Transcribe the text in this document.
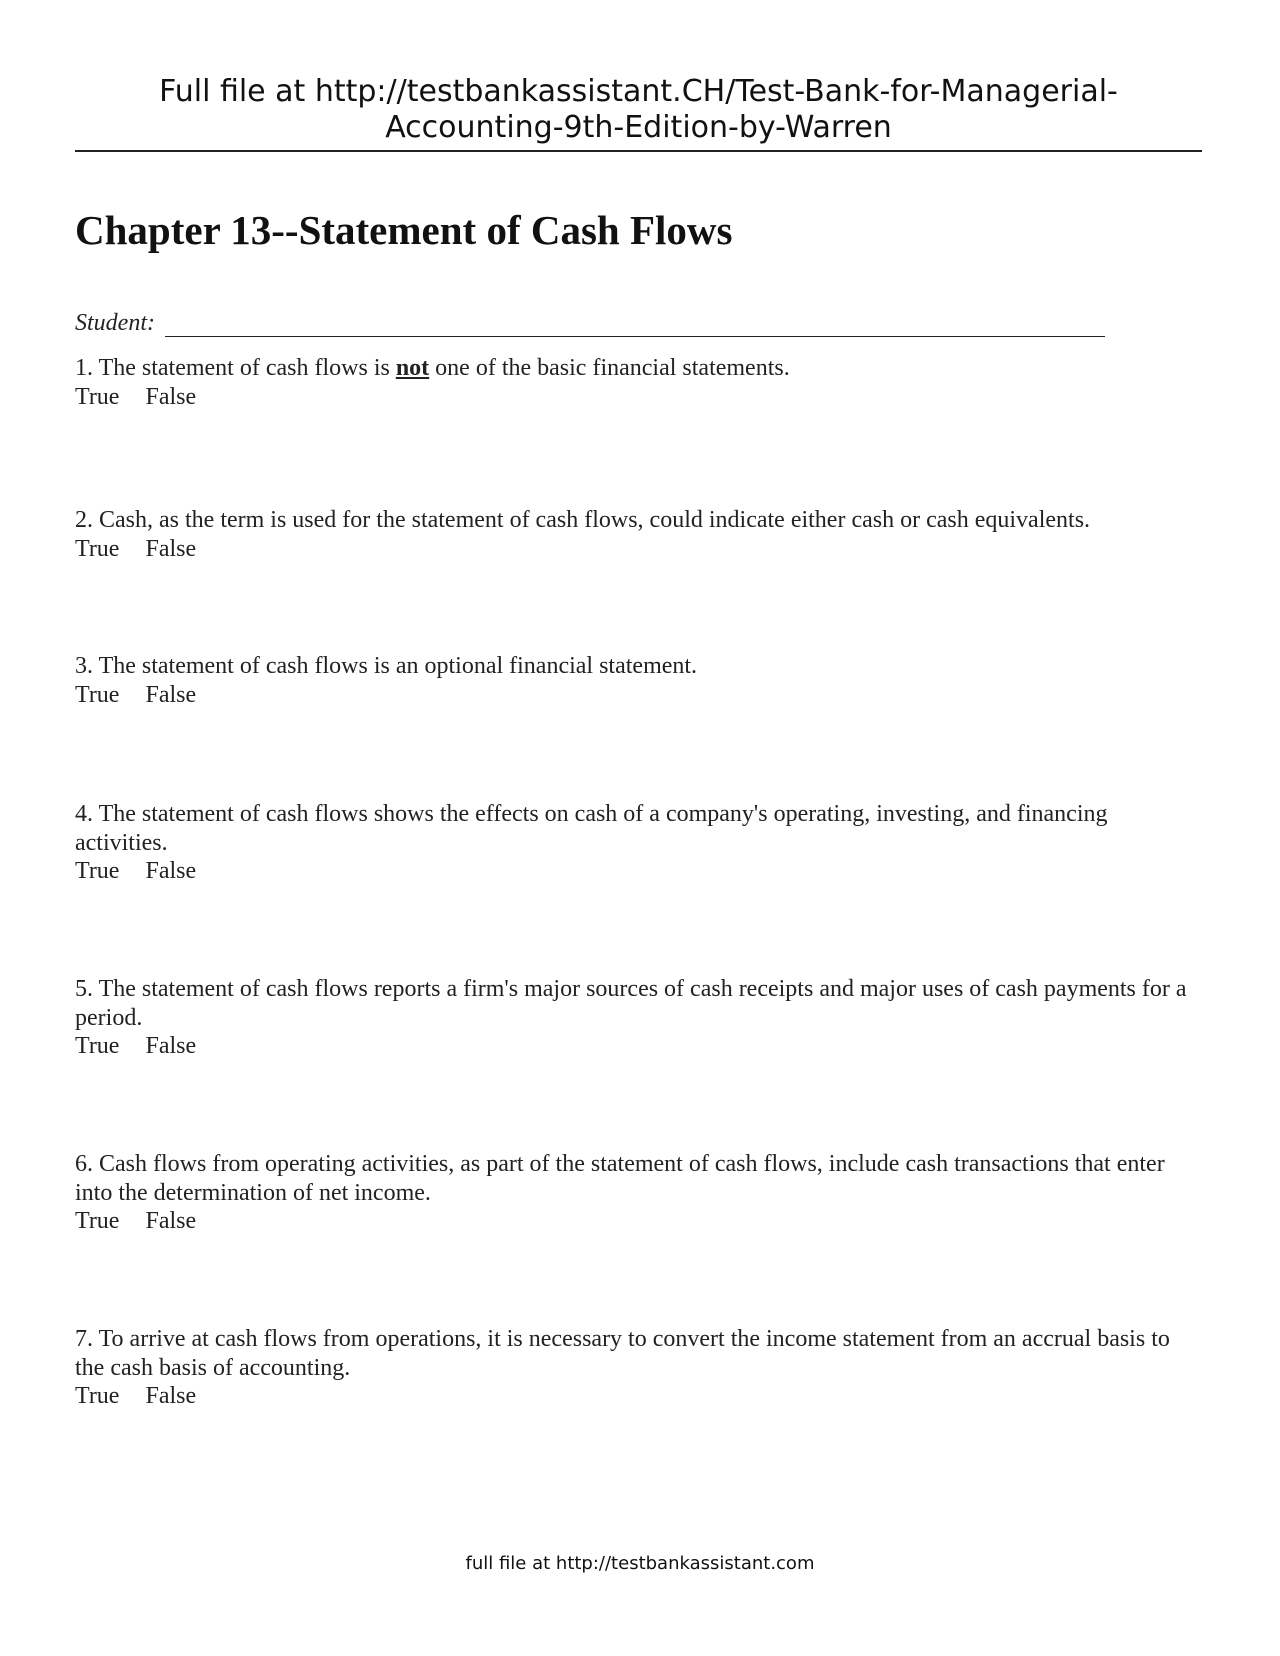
Full file at http://testbankassistant.CH/Test-Bank-for-Managerial-
Accounting-9th-Edition-by-Warren
Chapter 13--Statement of Cash Flows
Student:

1. The statement of cash flows is not one of the basic financial statements.

True False

2. Cash, as the term is used for the statement of cash flows, could indicate either cash or cash equivalents.

True False

3. The statement of cash flows is an optional financial statement.

True False

4. The statement of cash flows shows the effects on cash of a company's operating, investing, and financing activities.

True False

5. The statement of cash flows reports a firm's major sources of cash receipts and major uses of cash payments for a period.

True False

6. Cash flows from operating activities, as part of the statement of cash flows, include cash transactions that enter into the determination of net income.

True False

7. To arrive at cash flows from operations, it is necessary to convert the income statement from an accrual basis to the cash basis of accounting.

True False
full file at http://testbankassistant.com
